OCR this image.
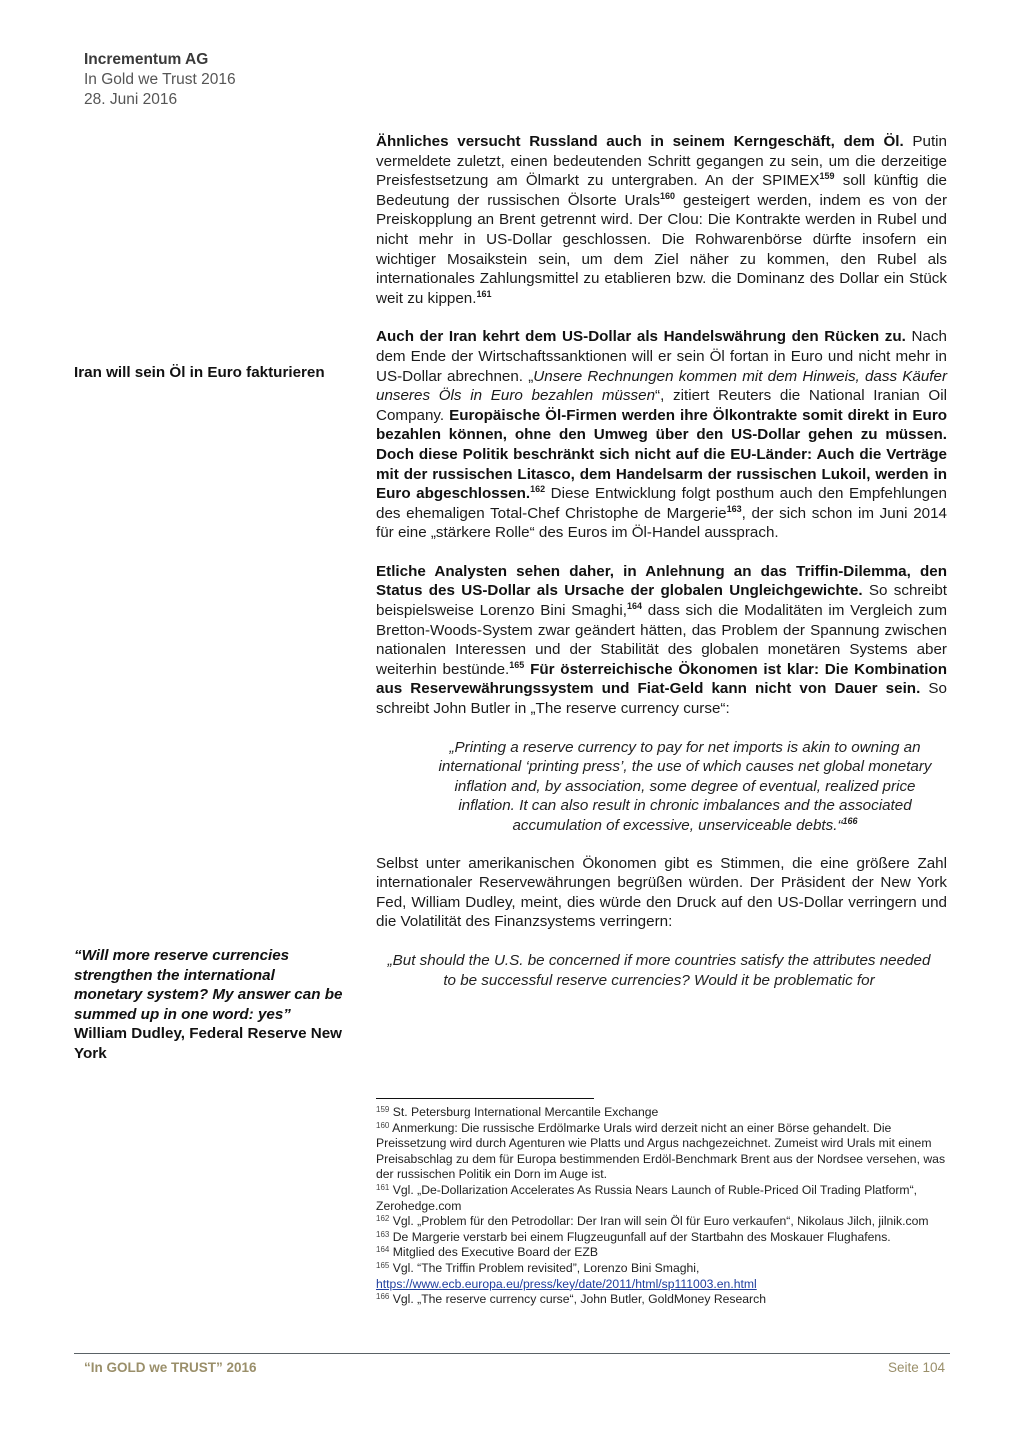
Incrementum AG
In Gold we Trust 2016
28. Juni 2016
Iran will sein Öl in Euro fakturieren
“Will more reserve currencies strengthen the international monetary system? My answer can be summed up in one word: yes”
William Dudley, Federal Reserve New York

Ähnliches versucht Russland auch in seinem Kerngeschäft, dem Öl. Putin vermeldete zuletzt, einen bedeutenden Schritt gegangen zu sein, um die derzeitige Preisfestsetzung am Ölmarkt zu untergraben. An der SPIMEX$^{159}$ soll künftig die Bedeutung der russischen Ölsorte Urals$^{160}$ gesteigert werden, indem es von der Preiskopplung an Brent getrennt wird. Der Clou: Die Kontrakte werden in Rubel und nicht mehr in US-Dollar geschlossen. Die Rohwarenbörse dürfte insofern ein wichtiger Mosaikstein sein, um dem Ziel näher zu kommen, den Rubel als internationales Zahlungsmittel zu etablieren bzw. die Dominanz des Dollar ein Stück weit zu kippen.$^{161}$

Auch der Iran kehrt dem US-Dollar als Handelswährung den Rücken zu. Nach dem Ende der Wirtschaftssanktionen will er sein Öl fortan in Euro und nicht mehr in US-Dollar abrechnen. „Unsere Rechnungen kommen mit dem Hinweis, dass Käufer unseres Öls in Euro bezahlen müssen“, zitiert Reuters die National Iranian Oil Company. Europäische Öl-Firmen werden ihre Ölkontrakte somit direkt in Euro bezahlen können, ohne den Umweg über den US-Dollar gehen zu müssen. Doch diese Politik beschränkt sich nicht auf die EU-Länder: Auch die Verträge mit der russischen Litasco, dem Handelsarm der russischen Lukoil, werden in Euro abgeschlossen.$^{162}$ Diese Entwicklung folgt posthum auch den Empfehlungen des ehemaligen Total-Chef Christophe de Margerie$^{163}$, der sich schon im Juni 2014 für eine „stärkere Rolle“ des Euros im Öl-Handel aussprach.

Etliche Analysten sehen daher, in Anlehnung an das Triffin-Dilemma, den Status des US-Dollar als Ursache der globalen Ungleichgewichte. So schreibt beispielsweise Lorenzo Bini Smaghi,$^{164}$ dass sich die Modalitäten im Vergleich zum Bretton-Woods-System zwar geändert hätten, das Problem der Spannung zwischen nationalen Interessen und der Stabilität des globalen monetären Systems aber weiterhin bestünde.$^{165}$ Für österreichische Ökonomen ist klar: Die Kombination aus Reservewährungssystem und Fiat-Geld kann nicht von Dauer sein. So schreibt John Butler in „The reserve currency curse“:

„Printing a reserve currency to pay for net imports is akin to owning an international ‘printing press’, the use of which causes net global monetary inflation and, by association, some degree of eventual, realized price inflation. It can also result in chronic imbalances and the associated accumulation of excessive, unserviceable debts.“$^{166}$

Selbst unter amerikanischen Ökonomen gibt es Stimmen, die eine größere Zahl internationaler Reservewährungen begrüßen würden. Der Präsident der New York Fed, William Dudley, meint, dies würde den Druck auf den US-Dollar verringern und die Volatilität des Finanzsystems verringern:

„But should the U.S. be concerned if more countries satisfy the attributes needed to be successful reserve currencies? Would it be problematic for
$^{159}$ St. Petersburg International Mercantile Exchange
$^{160}$ Anmerkung: Die russische Erdölmarke Urals wird derzeit nicht an einer Börse gehandelt. Die Preissetzung wird durch Agenturen wie Platts und Argus nachgezeichnet. Zumeist wird Urals mit einem Preisabschlag zu dem für Europa bestimmenden Erdöl-Benchmark Brent aus der Nordsee versehen, was der russischen Politik ein Dorn im Auge ist.
$^{161}$ Vgl. „De-Dollarization Accelerates As Russia Nears Launch of Ruble-Priced Oil Trading Platform“, Zerohedge.com
$^{162}$ Vgl. „Problem für den Petrodollar: Der Iran will sein Öl für Euro verkaufen“, Nikolaus Jilch, jilnik.com
$^{163}$ De Margerie verstarb bei einem Flugzeugunfall auf der Startbahn des Moskauer Flughafens.
$^{164}$ Mitglied des Executive Board der EZB
$^{165}$ Vgl. “The Triffin Problem revisited”, Lorenzo Bini Smaghi,
https://www.ecb.europa.eu/press/key/date/2011/html/sp111003.en.html
$^{166}$ Vgl. „The reserve currency curse“, John Butler, GoldMoney Research
“In GOLD we TRUST” 2016	Seite 104
